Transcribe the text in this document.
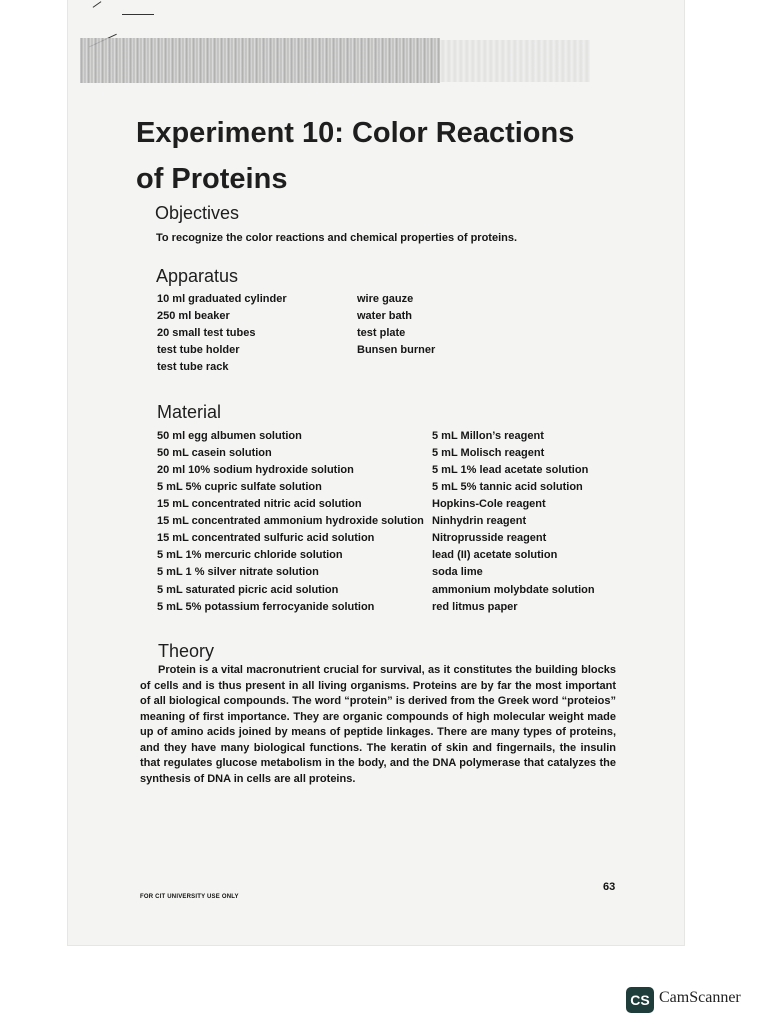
Experiment 10: Color Reactions
of Proteins
Objectives
To recognize the color reactions and chemical properties of proteins.
Apparatus
10 ml graduated cylinder
250 ml beaker
20 small test tubes
test tube holder
test tube rack
wire gauze
water bath
test plate
Bunsen burner
Material
50 ml egg albumen solution
50 mL casein solution
20 ml 10% sodium hydroxide solution
5 mL 5% cupric sulfate solution
15 mL concentrated nitric acid solution
15 mL concentrated ammonium hydroxide solution
15 mL concentrated sulfuric acid solution
5 mL 1% mercuric chloride solution
5 mL 1 % silver nitrate solution
5 mL saturated picric acid solution
5 mL 5% potassium ferrocyanide solution
5 mL Millon’s reagent
5 mL Molisch reagent
5 mL 1% lead acetate solution
5 mL 5% tannic acid solution
Hopkins-Cole reagent
Ninhydrin reagent
Nitroprusside reagent
lead (II) acetate solution
soda lime
ammonium molybdate solution
red litmus paper
Theory
Protein is a vital macronutrient crucial for survival, as it constitutes the building blocks of cells and is thus present in all living organisms. Proteins are by far the most important of all biological compounds. The word “protein” is derived from the Greek word “proteios” meaning of first importance. They are organic compounds of high molecular weight made up of amino acids joined by means of peptide linkages. There are many types of proteins, and they have many biological functions. The keratin of skin and fingernails, the insulin that regulates glucose metabolism in the body, and the DNA polymerase that catalyzes the synthesis of DNA in cells are all proteins.
63
FOR CIT UNIVERSITY USE ONLY
CS CamScanner
